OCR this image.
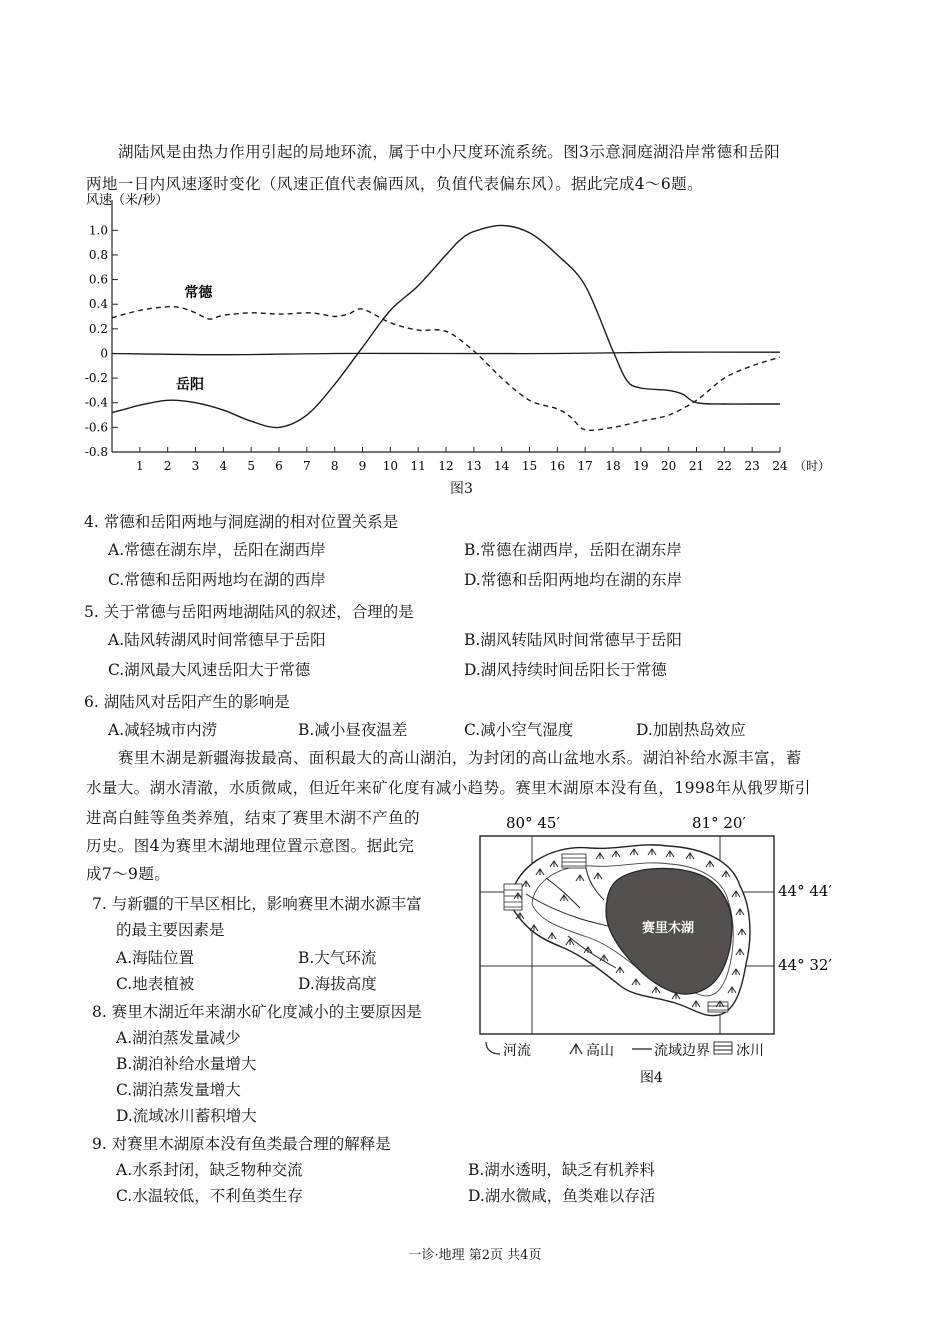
湖陆风是由热力作用引起的局地环流，属于中小尺度环流系统。图3示意洞庭湖沿岸常德和岳阳
两地一日内风速逐时变化（风速正值代表偏西风，负值代表偏东风）。据此完成4～6题。
风速（米/秒）
1.0
0.8
0.6
0.4
0.2
0
-0.2
-0.4
-0.6
-0.8
1 2 3 4 5 6 7 8 9 10 11 12 13 14 15 16 17 18 19 20 21 22 23 24 （时）
常德
岳阳
图3
4. 常德和岳阳两地与洞庭湖的相对位置关系是
A.常德在湖东岸，岳阳在湖西岸	B.常德在湖西岸，岳阳在湖东岸
C.常德和岳阳两地均在湖的西岸	D.常德和岳阳两地均在湖的东岸
5. 关于常德与岳阳两地湖陆风的叙述，合理的是
A.陆风转湖风时间常德早于岳阳	B.湖风转陆风时间常德早于岳阳
C.湖风最大风速岳阳大于常德	D.湖风持续时间岳阳长于常德
6. 湖陆风对岳阳产生的影响是
A.减轻城市内涝	B.减小昼夜温差	C.减小空气湿度	D.加剧热岛效应
赛里木湖是新疆海拔最高、面积最大的高山湖泊，为封闭的高山盆地水系。湖泊补给水源丰富，蓄
水量大。湖水清澈，水质微咸，但近年来矿化度有减小趋势。赛里木湖原本没有鱼，1998年从俄罗斯引
进高白鲑等鱼类养殖，结束了赛里木湖不产鱼的
历史。图4为赛里木湖地理位置示意图。据此完
成7～9题。
80° 45′	81° 20′
44° 44′
44° 32′
赛里木湖
河流	高山	流域边界 冰川
图4
7. 与新疆的干旱区相比，影响赛里木湖水源丰富
的最主要因素是
A.海陆位置	B.大气环流
C.地表植被	D.海拔高度
8. 赛里木湖近年来湖水矿化度减小的主要原因是
A.湖泊蒸发量减少
B.湖泊补给水量增大
C.湖泊蒸发量增大
D.流域冰川蓄积增大
9. 对赛里木湖原本没有鱼类最合理的解释是
A.水系封闭，缺乏物种交流	B.湖水透明，缺乏有机养料
C.水温较低，不利鱼类生存	D.湖水微咸，鱼类难以存活
一诊·地理 第2页 共4页
